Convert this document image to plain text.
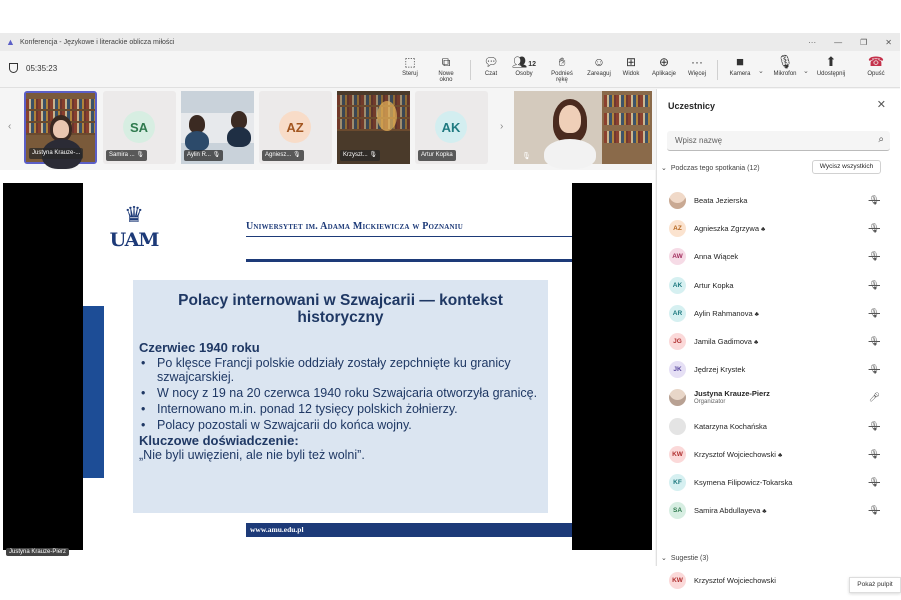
▲ Konferencja - Językowe i literackie oblicza miłości	··· — ❐ ✕
05:35:23	⬚
Steruj
⧉
Nowe okno
💬︎
Czat
👥︎12
Osoby
✋︎
Podnieś rękę
☺
Zareaguj
⊞
Widok
⊕
Aplikacje
···
Więcej
■
Kamera	⌄
🎙︎
Mikrofon ⌄
⬆
Udostępnij
☎
Opuść
‹
Justyna Krauze-...
SA
Samira ... 🎙︎	Aylin R... 🎙︎
AZ
Agniesz... 🎙︎	Krzyszt... 🎙︎
AK
Artur Kopka
›
🎙︎
♛
UAM
Uniwersytet im. Adama Mickiewicza w Poznaniu
Polacy internowani w Szwajcarii — kontekst historyczny
Czerwiec 1940 roku
• Po klęsce Francji polskie oddziały zostały zepchnięte ku granicy szwajcarskiej.
• W nocy z 19 na 20 czerwca 1940 roku Szwajcaria otworzyła granicę.
• Internowano m.in. ponad 12 tysięcy polskich żołnierzy.
• Polacy pozostali w Szwajcarii do końca wojny.
Kluczowe doświadczenie:
„Nie byli uwięzieni, ale nie byli też wolni”.
www.amu.edu.pl
Justyna Krauze-Pierz
Uczestnicy	✕
Wpisz nazwę	⌕
⌄ Podczas tego spotkania (12)	Wycisz wszystkich
Beata Jezierska	🎙︎
AZ	Agnieszka Zgrzywa ♣	🎙︎
AW	Anna Wiącek	🎙︎
AK	Artur Kopka	🎙︎
AR	Aylin Rahmanova ♣	🎙︎
JG	Jamila Gadimova ♣	🎙︎
JK	Jędrzej Krystek	🎙︎
Justyna Krauze-Pierz
Organizator	🎤︎
Katarzyna Kochańska	🎙︎
KW	Krzysztof Wojciechowski ♣	🎙︎
KF	Ksymena Filipowicz-Tokarska	🎙︎
SA	Samira Abdullayeva ♣	🎙︎
KW	Krzysztof Wojciechowski
⌄ Sugestie (3)
Pokaż pulpit
